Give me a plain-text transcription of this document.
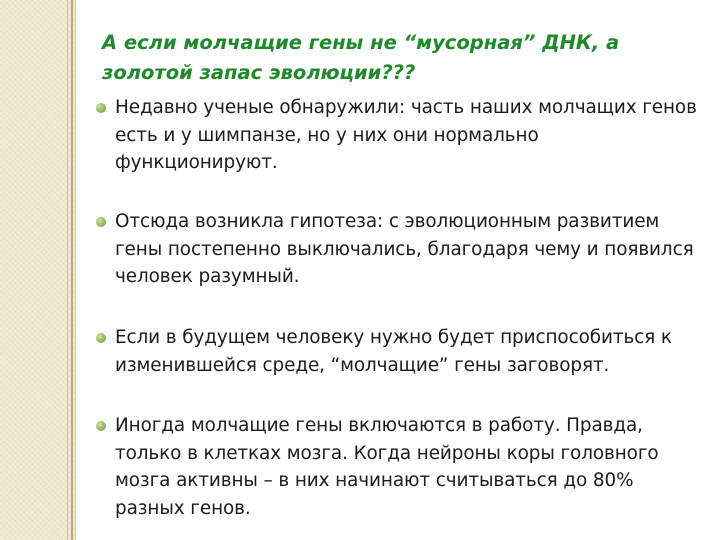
А если молчащие гены не “мусорная” ДНК, а золотой запас эволюции???
Недавно ученые обнаружили: часть наших молчащих генов есть и у шимпанзе, но у них они нормально функционируют.
Отсюда возникла гипотеза: с эволюционным развитием гены постепенно выключались, благодаря чему и появился человек разумный.
Если в будущем человеку нужно будет приспособиться к изменившейся среде, “молчащие” гены заговорят.
Иногда молчащие гены включаются в работу. Правда, только в клетках мозга. Когда нейроны коры головного мозга активны – в них начинают считываться до 80% разных генов.
